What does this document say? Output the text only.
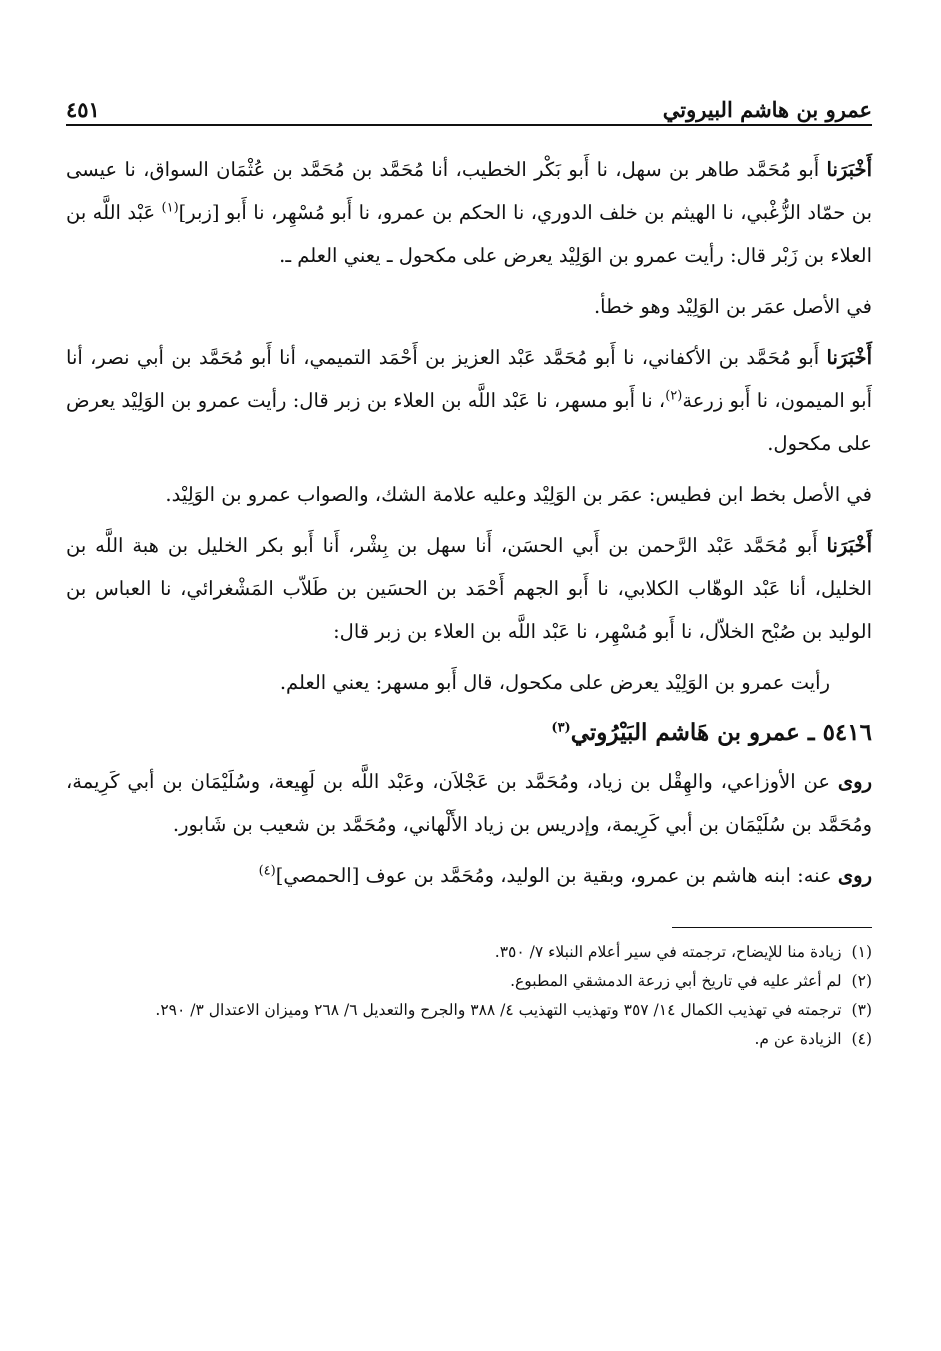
عمرو بن هاشم البيروتي
٤٥١

أَخْبَرَنا أَبو مُحَمَّد طاهر بن سهل، نا أَبو بَكْر الخطيب، أنا مُحَمَّد بن مُحَمَّد بن عُثْمَان السواق، نا عيسى بن حمّاد الزُّغْبي، نا الهيثم بن خلف الدوري، نا الحكم بن عمرو، نا أَبو مُسْهِر، نا أَبو [زبر]$^{(١)}$ عَبْد اللَّه بن العلاء بن زَبْر قال: رأيت عمرو بن الوَلِيْد يعرض على مكحول ـ يعني العلم ـ.

في الأصل عمَر بن الوَلِيْد وهو خطأ.

أَخْبَرَنا أَبو مُحَمَّد بن الأكفاني، نا أَبو مُحَمَّد عَبْد العزيز بن أَحْمَد التميمي، أنا أَبو مُحَمَّد بن أبي نصر، أنا أَبو الميمون، نا أَبو زرعة$^{(٢)}$، نا أَبو مسهر، نا عَبْد اللَّه بن العلاء بن زبر قال: رأيت عمرو بن الوَلِيْد يعرض على مكحول.

في الأصل بخط ابن فطيس: عمَر بن الوَلِيْد وعليه علامة الشك، والصواب عمرو بن الوَلِيْد.

أَخْبَرَنا أَبو مُحَمَّد عَبْد الرَّحمن بن أَبي الحسَن، أَنا سهل بن بِشْر، أَنا أَبو بكر الخليل بن هبة اللَّه بن الخليل، أنا عَبْد الوهّاب الكلابي، نا أَبو الجهم أَحْمَد بن الحسَين بن طَلاّب المَشْغرائي، نا العباس بن الوليد بن صُبْح الخلاّل، نا أَبو مُسْهِر، نا عَبْد اللَّه بن العلاء بن زبر قال:

رأيت عمرو بن الوَلِيْد يعرض على مكحول، قال أَبو مسهر: يعني العلم.

٥٤١٦ ـ عمرو بن هَاشم البَيْرُوتي$^{(٣)}$

روى عن الأوزاعي، والهِقْل بن زياد، ومُحَمَّد بن عَجْلاَن، وعَبْد اللَّه بن لَهِيعة، وسُلَيْمَان بن أبي كَرِيمة، ومُحَمَّد بن سُلَيْمَان بن أبي كَرِيمة، وإدريس بن زياد الأَلْهاني، ومُحَمَّد بن شعيب بن شَابور.

روى عنه: ابنه هاشم بن عمرو، وبقية بن الوليد، ومُحَمَّد بن عوف [الحمصي]$^{(٤)}$

(١)
زيادة منا للإيضاح، ترجمته في سير أعلام النبلاء ٧/ ٣٥٠.
(٢)
لم أعثر عليه في تاريخ أبي زرعة الدمشقي المطبوع.
(٣)
ترجمته في تهذيب الكمال ١٤/ ٣٥٧ وتهذيب التهذيب ٤/ ٣٨٨ والجرح والتعديل ٦/ ٢٦٨ وميزان الاعتدال ٣/ ٢٩٠.
(٤)
الزيادة عن م.
